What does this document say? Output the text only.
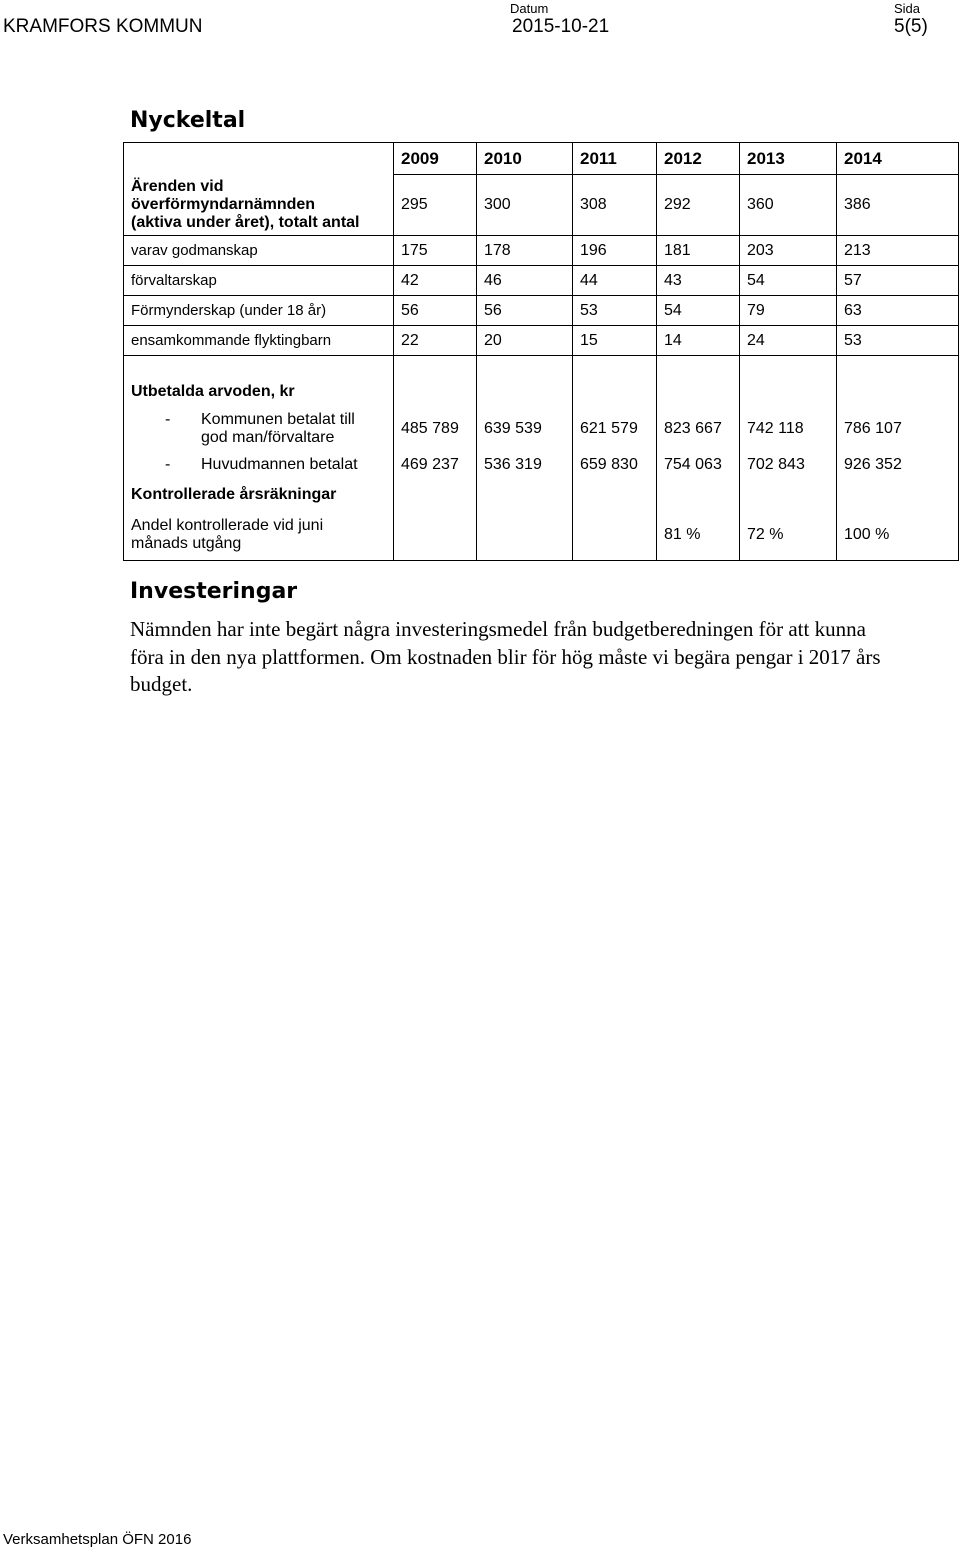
KRAMFORS KOMMUN
Datum
2015-10-21
Sida
5(5)
Nyckeltal
	2009	2010	2011	2012	2013	2014
Ärenden vid
överförmyndarnämnden
(aktiva under året), totalt antal	295	300	308	292	360	386
varav godmanskap	175	178	196	181	203	213
förvaltarskap	42	46	44	43	54	57
Förmynderskap (under 18 år)	56	56	53	54	79	63
ensamkommande flyktingbarn	22	20	15	14	24	53

Utbetalda arvoden, kr						
- Kommunen betalat till

god man/förvaltare	485 789	639 539	621 579	823 667	742 118	786 107
- Huvudmannen betalat	469 237	536 319	659 830	754 063	702 843	926 352
Kontrollerade årsräkningar						
Andel kontrollerade vid juni
månads utgång				81 %	72 %	100 %
Investeringar

Nämnden har inte begärt några investeringsmedel från budgetberedningen för att kunna föra in den nya plattformen. Om kostnaden blir för hög måste vi begära pengar i 2017 års budget.

Verksamhetsplan ÖFN 2016
